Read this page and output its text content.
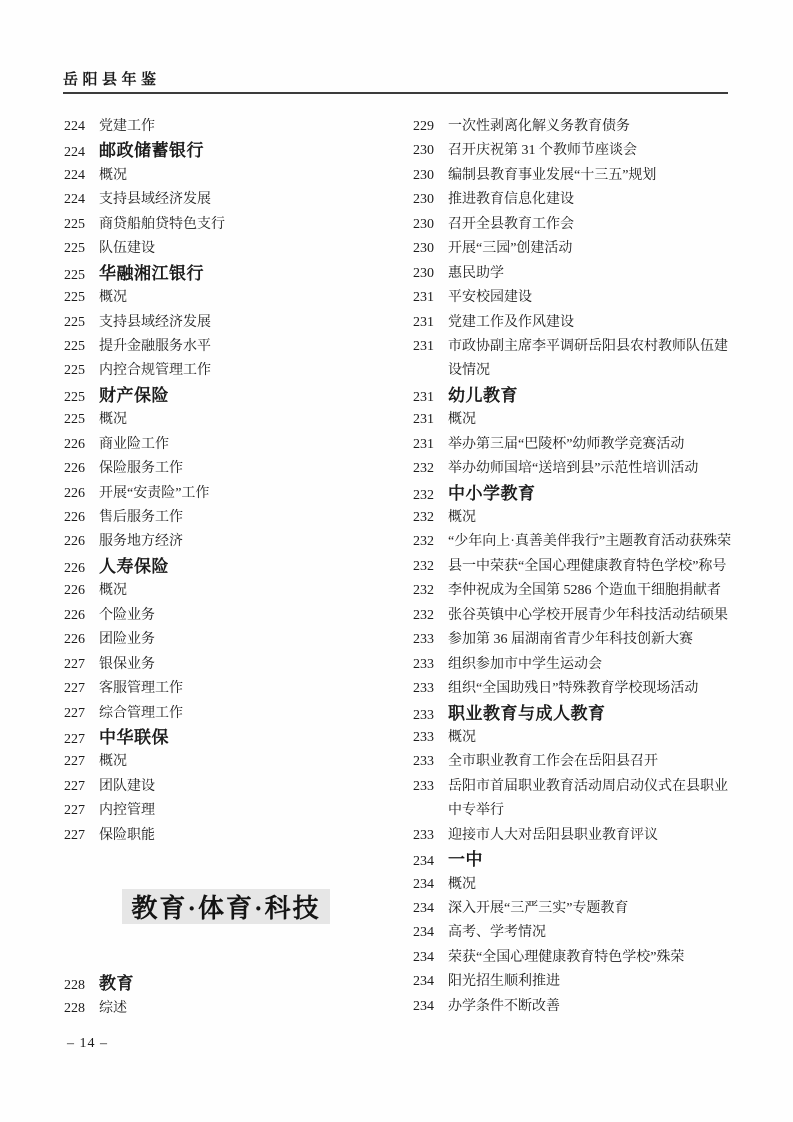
岳阳县年鉴
224	党建工作
224 邮政储蓄银行
224	概况
224	支持县域经济发展
225	商贷船舶贷特色支行
225	队伍建设
225 华融湘江银行
225	概况
225	支持县域经济发展
225	提升金融服务水平
225	内控合规管理工作
225 财产保险
225	概况
226	商业险工作
226	保险服务工作
226	开展“安责险”工作
226	售后服务工作
226	服务地方经济
226 人寿保险
226	概况
226	个险业务
226	团险业务
227	银保业务
227	客服管理工作
227	综合管理工作
227 中华联保
227	概况
227	团队建设
227	内控管理
227	保险职能
教育·体育·科技
228 教育
228	综述
229	一次性剥离化解义务教育债务
230	召开庆祝第 31 个教师节座谈会
230	编制县教育事业发展“十三五”规划
230	推进教育信息化建设
230	召开全县教育工作会
230	开展“三园”创建活动
230	惠民助学
231	平安校园建设
231	党建工作及作风建设
231	市政协副主席李平调研岳阳县农村教师队伍建
设情况
231 幼儿教育
231	概况
231	举办第三届“巴陵杯”幼师教学竞赛活动
232	举办幼师国培“送培到县”示范性培训活动
232 中小学教育
232	概况
232	“少年向上·真善美伴我行”主题教育活动获殊荣
232	县一中荣获“全国心理健康教育特色学校”称号
232	李仲祝成为全国第 5286 个造血干细胞捐献者
232	张谷英镇中心学校开展青少年科技活动结硕果
233	参加第 36 届湖南省青少年科技创新大赛
233	组织参加市中学生运动会
233	组织“全国助残日”特殊教育学校现场活动
233 职业教育与成人教育
233	概况
233	全市职业教育工作会在岳阳县召开
233	岳阳市首届职业教育活动周启动仪式在县职业
中专举行
233	迎接市人大对岳阳县职业教育评议
234 一中
234	概况
234	深入开展“三严三实”专题教育
234	高考、学考情况
234	荣获“全国心理健康教育特色学校”殊荣
234	阳光招生顺利推进
234	办学条件不断改善
– 14 –
